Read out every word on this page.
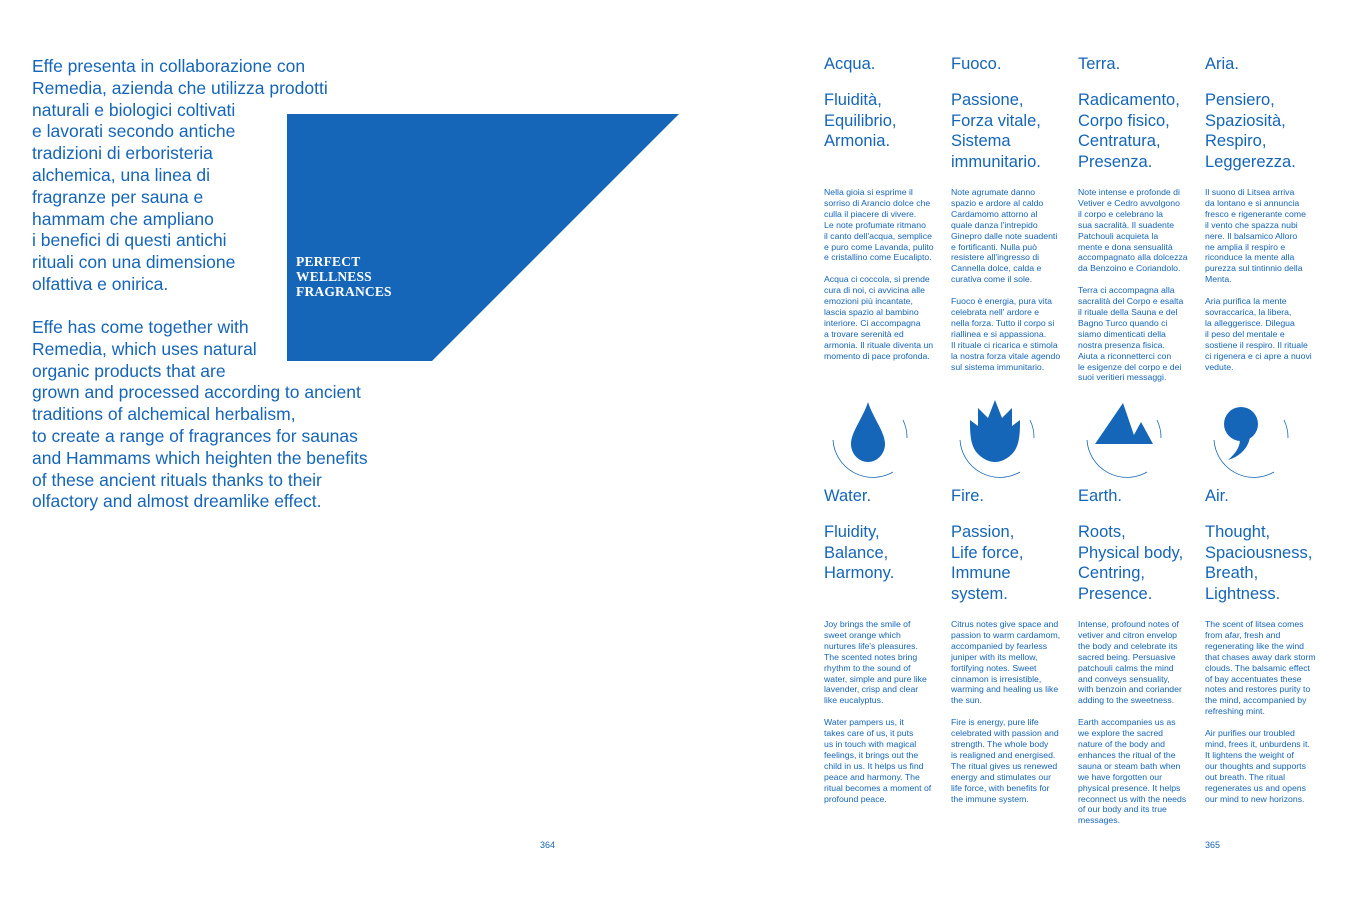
Effe presenta in collaborazione con
Remedia, azienda che utilizza prodotti
naturali e biologici coltivati
e lavorati secondo antiche
tradizioni di erboristeria
alchemica, una linea di
fragranze per sauna e
hammam che ampliano
i benefici di questi antichi
rituali con una dimensione
olfattiva e onirica.
Effe has come together with
Remedia, which uses natural
organic products that are
grown and processed according to ancient
traditions of alchemical herbalism,
to create a range of fragrances for saunas
and Hammams which heighten the benefits
of these ancient rituals thanks to their
olfactory and almost dreamlike effect.
PERFECT
WELLNESS
FRAGRANCES
364
Acqua.
Fluidità,
Equilibrio,
Armonia.
Nella gioia si esprime il
sorriso di Arancio dolce che
culla il piacere di vivere.
Le note profumate ritmano
il canto dell'acqua, semplice
e puro come Lavanda, pulito
e cristallino come Eucalipto.

Acqua ci coccola, si prende
cura di noi, ci avvicina alle
emozioni più incantate,
lascia spazio al bambino
interiore. Ci accompagna
a trovare serenità ed
armonia. Il rituale diventa un
momento di pace profonda.
Water.
Fluidity,
Balance,
Harmony.
Joy brings the smile of
sweet orange which
nurtures life's pleasures.
The scented notes bring
rhythm to the sound of
water, simple and pure like
lavender, crisp and clear
like eucalyptus.

Water pampers us, it
takes care of us, it puts
us in touch with magical
feelings, it brings out the
child in us. It helps us find
peace and harmony. The
ritual becomes a moment of
profound peace.
Fuoco.
Passione,
Forza vitale,
Sistema
immunitario.
Note agrumate danno
spazio e ardore al caldo
Cardamomo attorno al
quale danza l'intrepido
Ginepro dalle note suadenti
e fortificanti. Nulla può
resistere all'ingresso di
Cannella dolce, calda e
curativa come il sole.

Fuoco è energia, pura vita
celebrata nell' ardore e
nella forza. Tutto il corpo si
riallinea e si appassiona.
Il rituale ci ricarica e stimola
la nostra forza vitale agendo
sul sistema immunitario.
Fire.
Passion,
Life force,
Immune
system.
Citrus notes give space and
passion to warm cardamom,
accompanied by fearless
juniper with its mellow,
fortifying notes. Sweet
cinnamon is irresistible,
warming and healing us like
the sun.

Fire is energy, pure life
celebrated with passion and
strength. The whole body
is realigned and energised.
The ritual gives us renewed
energy and stimulates our
life force, with benefits for
the immune system.
Terra.
Radicamento,
Corpo fisico,
Centratura,
Presenza.
Note intense e profonde di
Vetiver e Cedro avvolgono
il corpo e celebrano la
sua sacralità. Il suadente
Patchouli acquieta la
mente e dona sensualità
accompagnato alla dolcezza
da Benzoino e Coriandolo.

Terra ci accompagna alla
sacralità del Corpo e esalta
il rituale della Sauna e del
Bagno Turco quando ci
siamo dimenticati della
nostra presenza fisica.
Aiuta a riconnetterci con
le esigenze del corpo e dei
suoi veritieri messaggi.
Earth.
Roots,
Physical body,
Centring,
Presence.
Intense, profound notes of
vetiver and citron envelop
the body and celebrate its
sacred being. Persuasive
patchouli calms the mind
and conveys sensuality,
with benzoin and coriander
adding to the sweetness.

Earth accompanies us as
we explore the sacred
nature of the body and
enhances the ritual of the
sauna or steam bath when
we have forgotten our
physical presence. It helps
reconnect us with the needs
of our body and its true
messages.
Aria.
Pensiero,
Spaziosità,
Respiro,
Leggerezza.
Il suono di Litsea arriva
da lontano e si annuncia
fresco e rigenerante come
il vento che spazza nubi
nere. Il balsamico Alloro
ne amplia il respiro e
riconduce la mente alla
purezza sul tintinnio della
Menta.

Aria purifica la mente
sovraccarica, la libera,
la alleggerisce. Dilegua
il peso del mentale e
sostiene il respiro. Il rituale
ci rigenera e ci apre a nuovi
vedute.
Air.
Thought,
Spaciousness,
Breath,
Lightness.
The scent of litsea comes
from afar, fresh and
regenerating like the wind
that chases away dark storm
clouds. The balsamic effect
of bay accentuates these
notes and restores purity to
the mind, accompanied by
refreshing mint.

Air purifies our troubled
mind, frees it, unburdens it.
It lightens the weight of
our thoughts and supports
out breath. The ritual
regenerates us and opens
our mind to new horizons.
365
